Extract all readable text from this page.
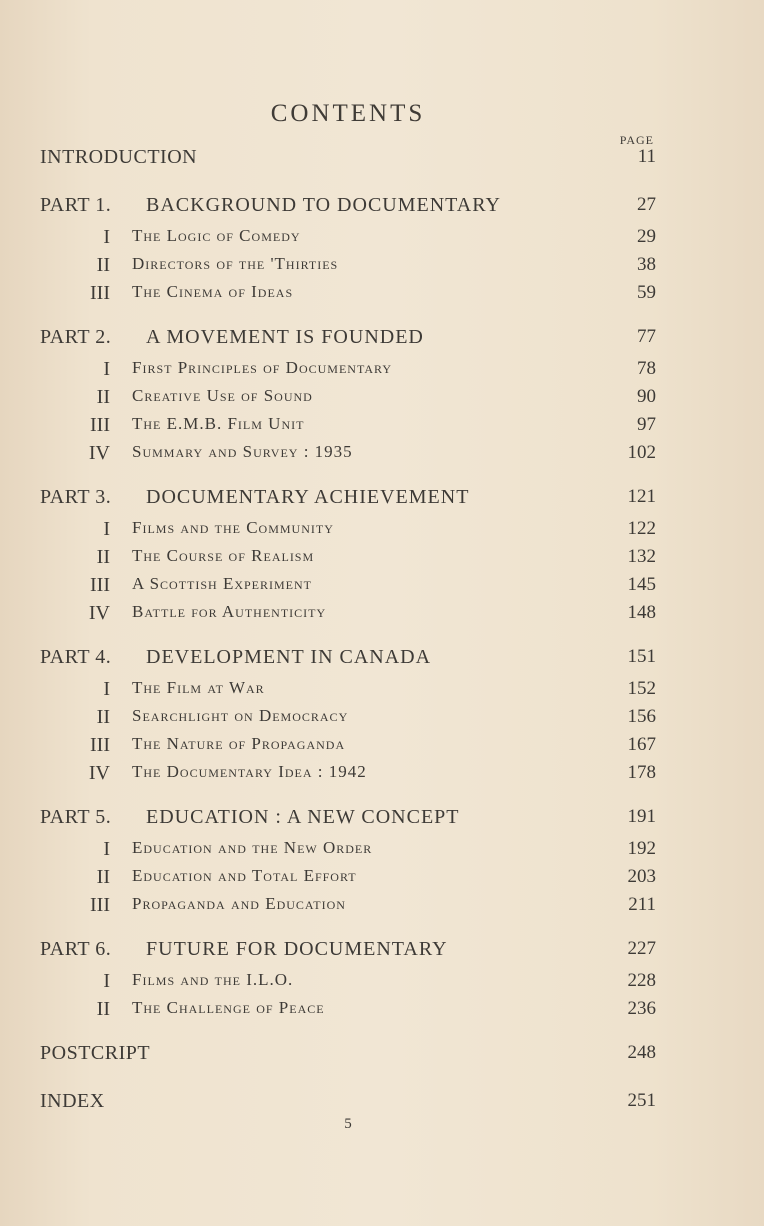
CONTENTS
PAGE
INTRODUCTION	11
PART 1. BACKGROUND TO DOCUMENTARY	27
I The Logic of Comedy	29
II Directors of the 'Thirties	38
III The Cinema of Ideas	59
PART 2. A MOVEMENT IS FOUNDED	77
I First Principles of Documentary	78
II Creative Use of Sound	90
III The E.M.B. Film Unit	97
IV Summary and Survey : 1935	102
PART 3. DOCUMENTARY ACHIEVEMENT	121
I Films and the Community	122
II The Course of Realism	132
III A Scottish Experiment	145
IV Battle for Authenticity	148
PART 4. DEVELOPMENT IN CANADA	151
I The Film at War	152
II Searchlight on Democracy	156
III The Nature of Propaganda	167
IV The Documentary Idea : 1942	178
PART 5. EDUCATION : A NEW CONCEPT	191
I Education and the New Order	192
II Education and Total Effort	203
III Propaganda and Education	211
PART 6. FUTURE FOR DOCUMENTARY	227
I Films and the I.L.O.	228
II The Challenge of Peace	236
POSTCRIPT	248
INDEX	251
5
